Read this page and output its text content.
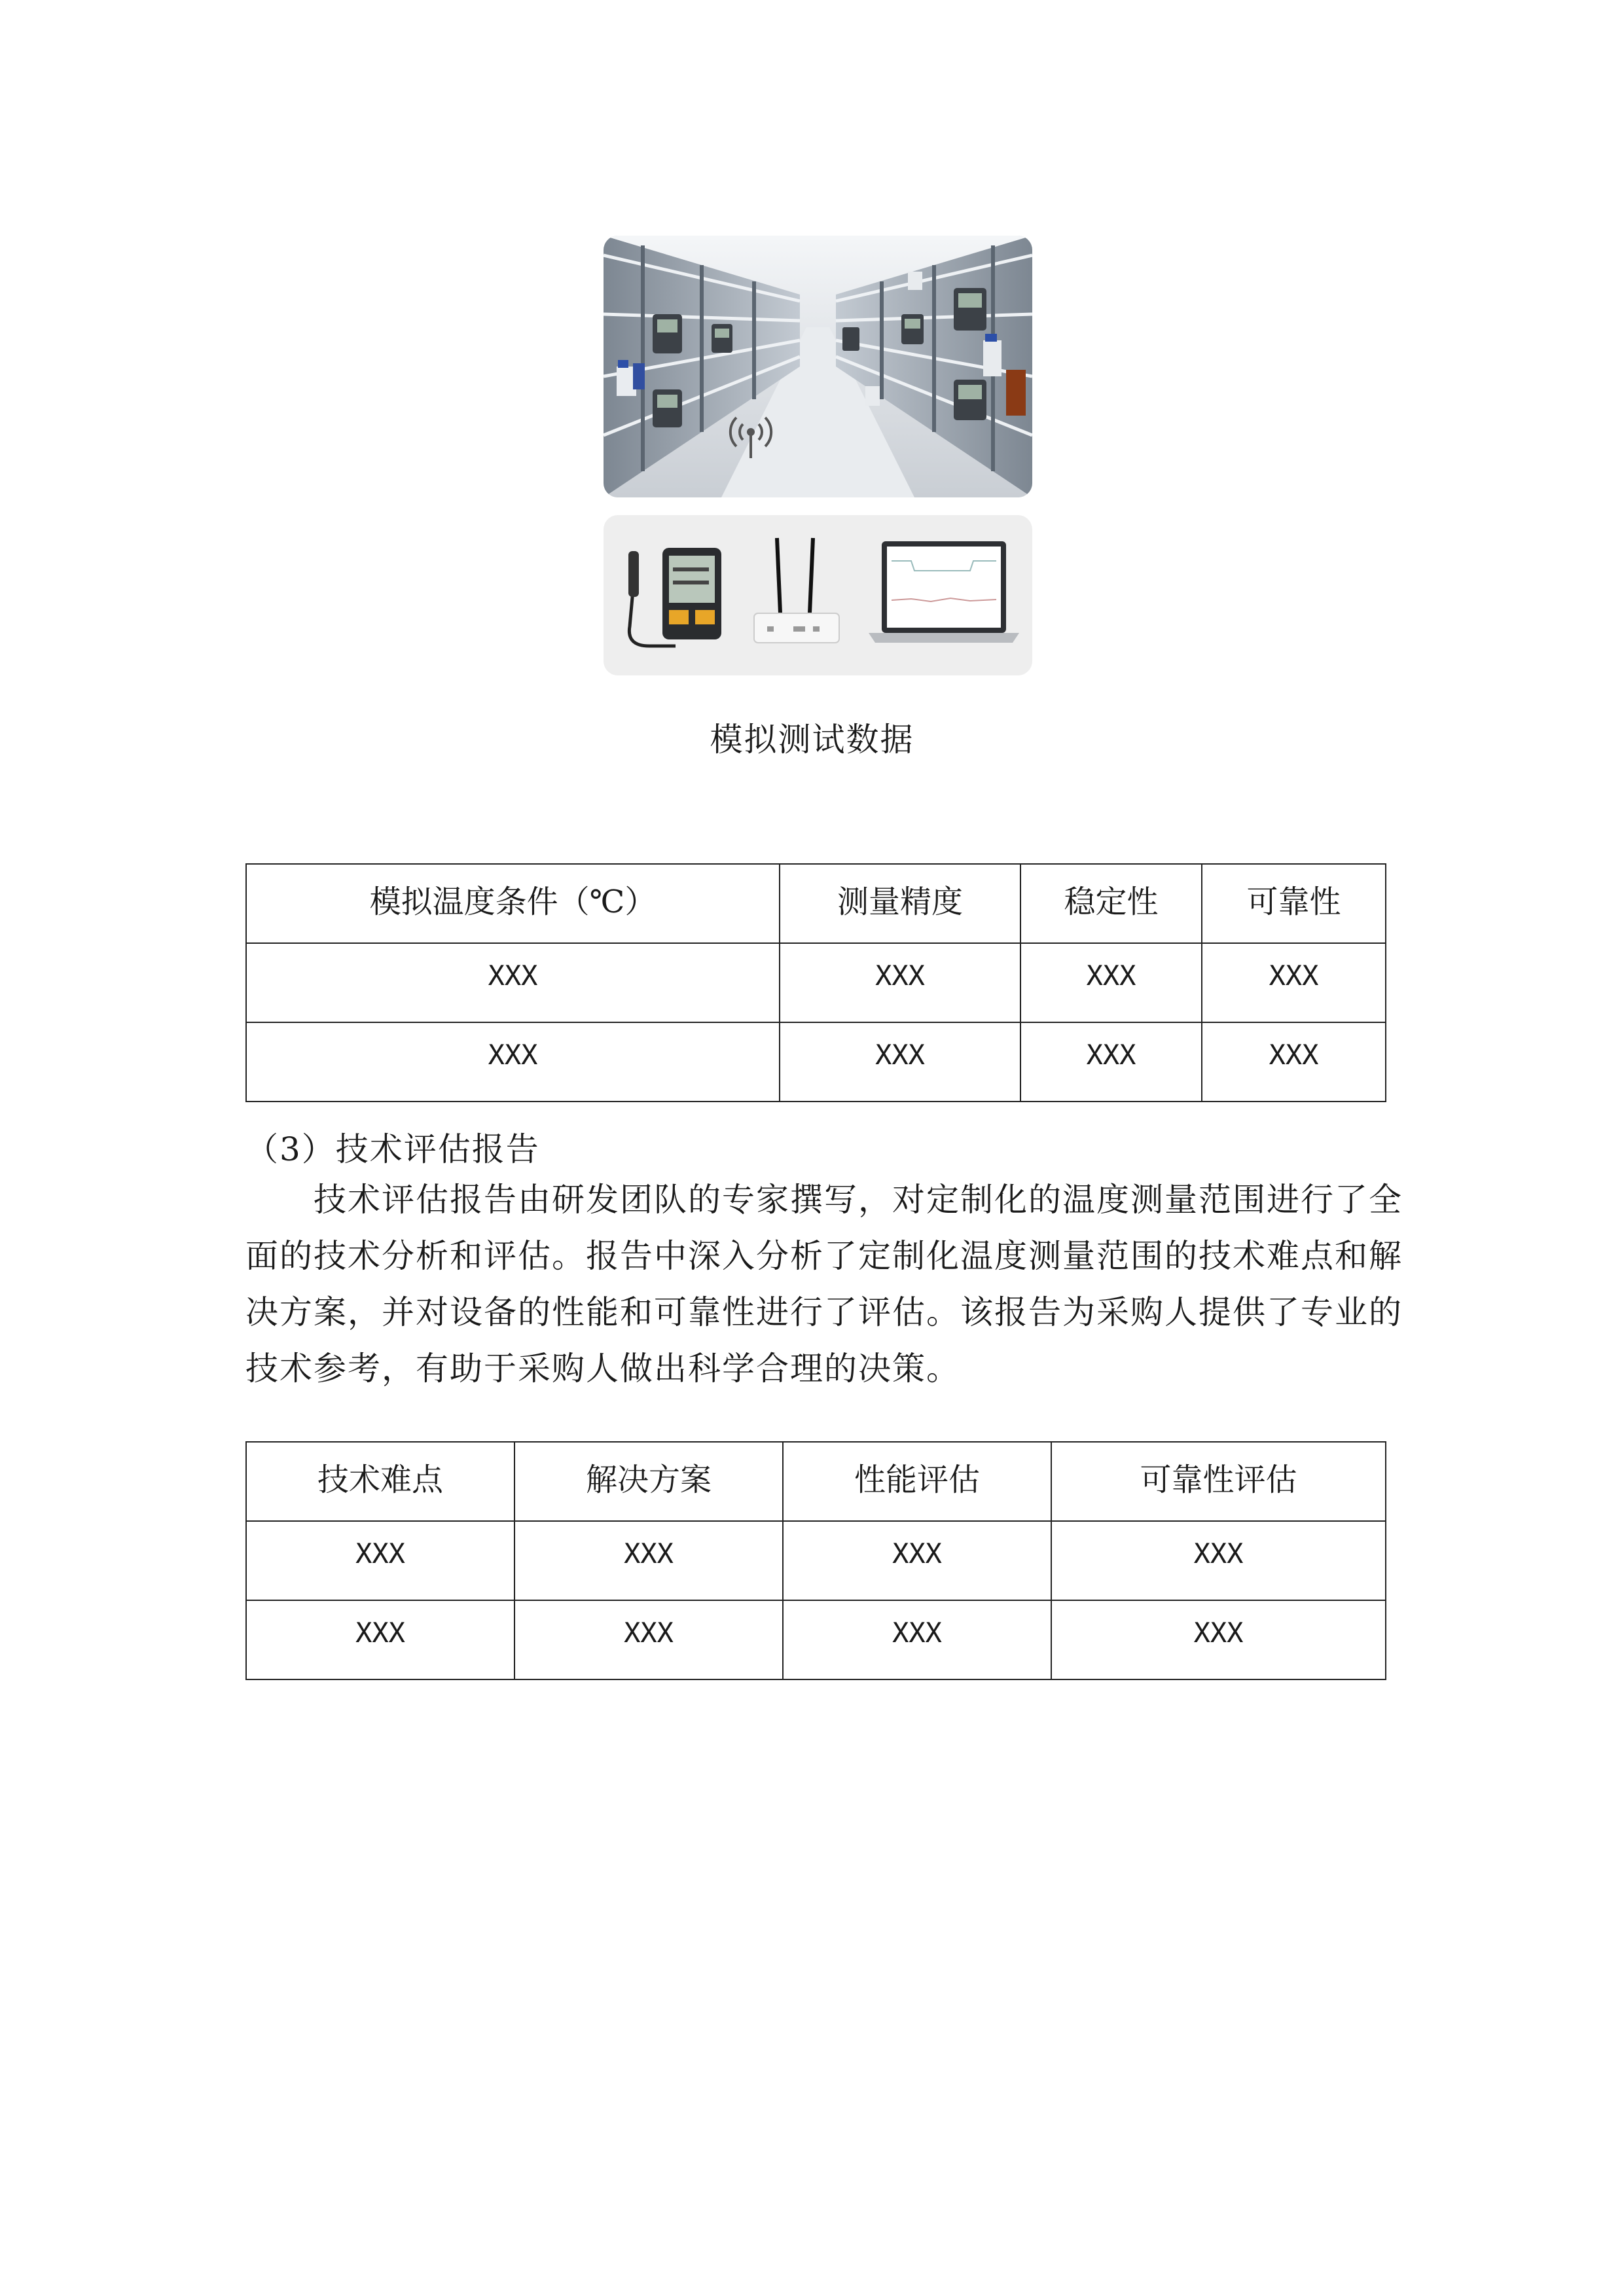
模拟测试数据
模拟温度条件（℃）	测量精度	稳定性	可靠性
XXX	XXX	XXX	XXX
XXX	XXX	XXX	XXX
（3）技术评估报告
技术评估报告由研发团队的专家撰写，对定制化的温度测量范围进行了全
面的技术分析和评估。报告中深入分析了定制化温度测量范围的技术难点和解
决方案，并对设备的性能和可靠性进行了评估。该报告为采购人提供了专业的
技术参考，有助于采购人做出科学合理的决策。
技术难点	解决方案	性能评估	可靠性评估
XXX	XXX	XXX	XXX
XXX	XXX	XXX	XXX
